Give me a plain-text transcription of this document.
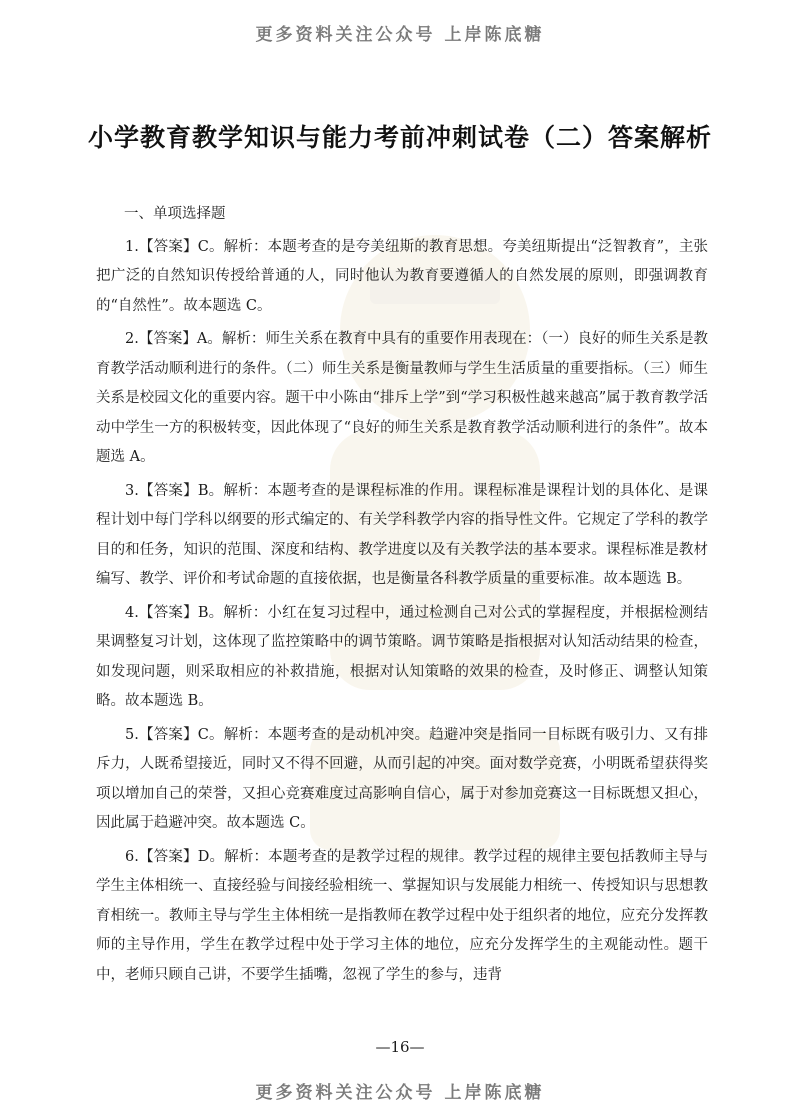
更多资料关注公众号 上岸陈底糖
小学教育教学知识与能力考前冲刺试卷（二）答案解析
一、单项选择题

1.【答案】C。解析：本题考查的是夸美纽斯的教育思想。夸美纽斯提出“泛智教育”，主张把广泛的自然知识传授给普通的人，同时他认为教育要遵循人的自然发展的原则，即强调教育的“自然性”。故本题选 C。

2.【答案】A。解析：师生关系在教育中具有的重要作用表现在：（一）良好的师生关系是教育教学活动顺利进行的条件。（二）师生关系是衡量教师与学生生活质量的重要指标。（三）师生关系是校园文化的重要内容。题干中小陈由“排斥上学”到“学习积极性越来越高”属于教育教学活动中学生一方的积极转变，因此体现了“良好的师生关系是教育教学活动顺利进行的条件”。故本题选 A。

3.【答案】B。解析：本题考查的是课程标准的作用。课程标准是课程计划的具体化、是课程计划中每门学科以纲要的形式编定的、有关学科教学内容的指导性文件。它规定了学科的教学目的和任务，知识的范围、深度和结构、教学进度以及有关教学法的基本要求。课程标准是教材编写、教学、评价和考试命题的直接依据，也是衡量各科教学质量的重要标准。故本题选 B。

4.【答案】B。解析：小红在复习过程中，通过检测自己对公式的掌握程度，并根据检测结果调整复习计划，这体现了监控策略中的调节策略。调节策略是指根据对认知活动结果的检查，如发现问题，则采取相应的补救措施，根据对认知策略的效果的检查，及时修正、调整认知策略。故本题选 B。

5.【答案】C。解析：本题考查的是动机冲突。趋避冲突是指同一目标既有吸引力、又有排斥力，人既希望接近，同时又不得不回避，从而引起的冲突。面对数学竞赛，小明既希望获得奖项以增加自己的荣誉，又担心竞赛难度过高影响自信心，属于对参加竞赛这一目标既想又担心，因此属于趋避冲突。故本题选 C。

6.【答案】D。解析：本题考查的是教学过程的规律。教学过程的规律主要包括教师主导与学生主体相统一、直接经验与间接经验相统一、掌握知识与发展能力相统一、传授知识与思想教育相统一。教师主导与学生主体相统一是指教师在教学过程中处于组织者的地位，应充分发挥教师的主导作用，学生在教学过程中处于学习主体的地位，应充分发挥学生的主观能动性。题干中，老师只顾自己讲，不要学生插嘴，忽视了学生的参与，违背

—16—
更多资料关注公众号 上岸陈底糖
